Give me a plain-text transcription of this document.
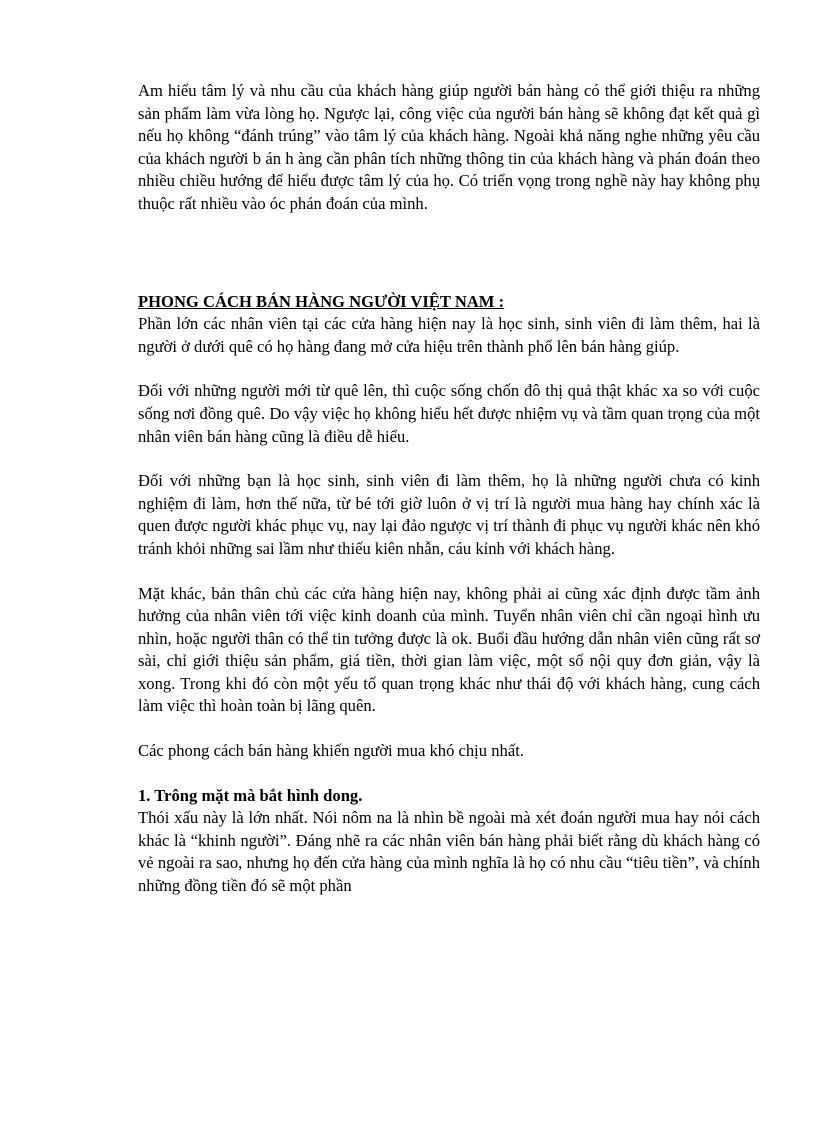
Am hiểu tâm lý và nhu cầu của khách hàng giúp người bán hàng có thể giới thiệu ra những sản phẩm làm vừa lòng họ. Ngược lại, công việc của người bán hàng sẽ không đạt kết quả gì nếu họ không “đánh trúng” vào tâm lý của khách hàng. Ngoài khả năng nghe những yêu cầu của khách người b án h àng cần phân tích những thông tin của khách hàng và phán đoán theo nhiều chiều hướng để hiểu được tâm lý của họ. Có triển vọng trong nghề này hay không phụ thuộc rất nhiều vào óc phán đoán của mình.

PHONG CÁCH BÁN HÀNG NGƯỜI VIỆT NAM :

Phần lớn các nhân viên tại các cửa hàng hiện nay là học sinh, sinh viên đi làm thêm, hai là người ở dưới quê có họ hàng đang mở cửa hiệu trên thành phố lên bán hàng giúp.

Đối với những người mới từ quê lên, thì cuộc sống chốn đô thị quả thật khác xa so với cuộc sống nơi đồng quê. Do vậy việc họ không hiểu hết được nhiệm vụ và tầm quan trọng của một nhân viên bán hàng cũng là điều dễ hiểu.

Đối với những bạn là học sinh, sinh viên đi làm thêm, họ là những người chưa có kinh nghiệm đi làm, hơn thế nữa, từ bé tới giờ luôn ở vị trí là người mua hàng hay chính xác là quen được người khác phục vụ, nay lại đảo ngược vị trí thành đi phục vụ người khác nên khó tránh khỏi những sai lầm như thiếu kiên nhẫn, cáu kỉnh với khách hàng.

Mặt khác, bản thân chủ các cửa hàng hiện nay, không phải ai cũng xác định được tầm ảnh hưởng của nhân viên tới việc kinh doanh của mình. Tuyển nhân viên chỉ cần ngoại hình ưu nhìn, hoặc người thân có thể tin tưởng được là ok. Buổi đầu hướng dẫn nhân viên cũng rất sơ sài, chỉ giới thiệu sản phẩm, giá tiền, thời gian làm việc, một số nội quy đơn giản, vậy là xong. Trong khi đó còn một yếu tố quan trọng khác như thái độ với khách hàng, cung cách làm việc thì hoàn toàn bị lãng quên.

Các phong cách bán hàng khiến người mua khó chịu nhất.

1. Trông mặt mà bắt hình dong.

Thói xấu này là lớn nhất. Nói nôm na là nhìn bề ngoài mà xét đoán người mua hay nói cách khác là “khinh người”. Đáng nhẽ ra các nhân viên bán hàng phải biết rằng dù khách hàng có vẻ ngoài ra sao, nhưng họ đến cửa hàng của mình nghĩa là họ có nhu cầu “tiêu tiền”, và chính những đồng tiền đó sẽ một phần
